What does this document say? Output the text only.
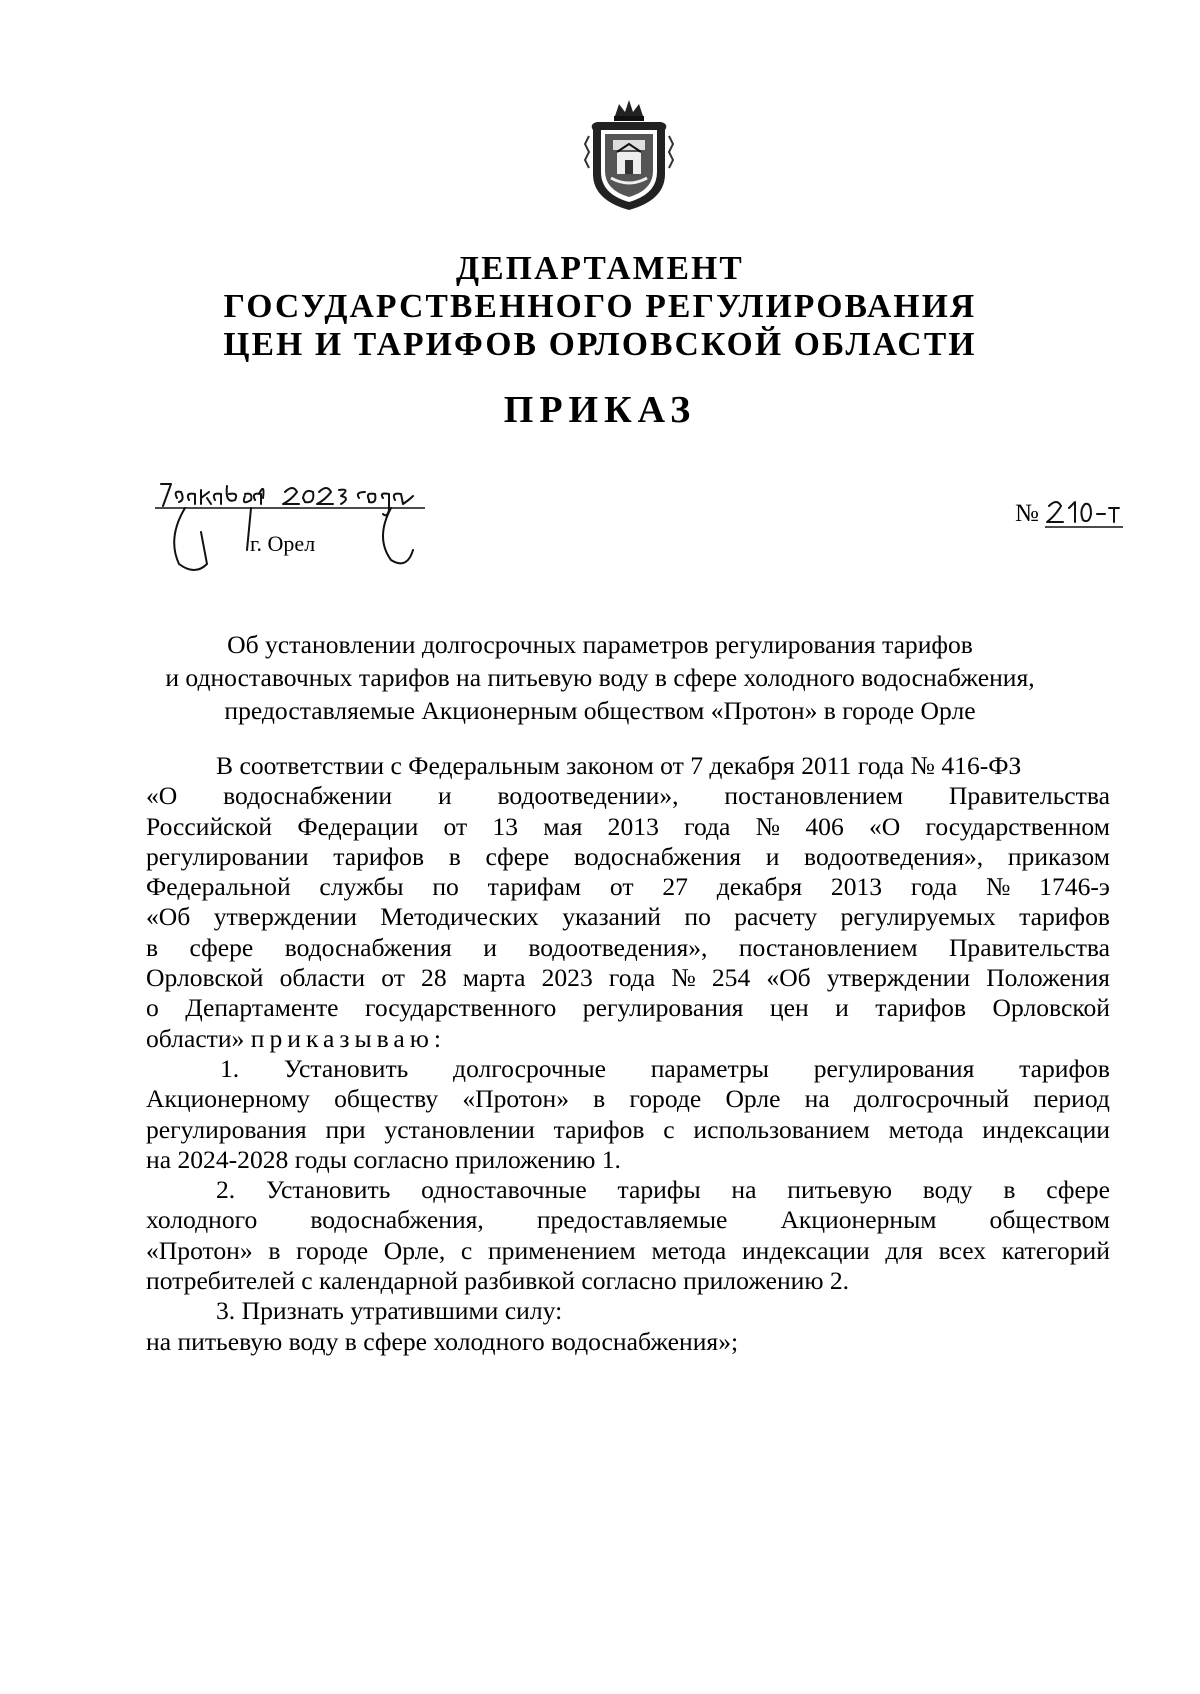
ДЕПАРТАМЕНТ
ГОСУДАРСТВЕННОГО РЕГУЛИРОВАНИЯ
ЦЕН И ТАРИФОВ ОРЛОВСКОЙ ОБЛАСТИ
ПРИКАЗ
г. Орел
№
Об установлении долгосрочных параметров регулирования тарифов
и одноставочных тарифов на питьевую воду в сфере холодного водоснабжения,
предоставляемые Акционерным обществом «Протон» в городе Орле
В соответствии с Федеральным законом от 7 декабря 2011 года № 416-ФЗ
«О водоснабжении и водоотведении», постановлением Правительства
Российской Федерации от 13 мая 2013 года № 406 «О государственном
регулировании тарифов в сфере водоснабжения и водоотведения», приказом
Федеральной службы по тарифам от 27 декабря 2013 года № 1746-э
«Об утверждении Методических указаний по расчету регулируемых тарифов
в сфере водоснабжения и водоотведения», постановлением Правительства
Орловской области от 28 марта 2023 года № 254 «Об утверждении Положения
о Департаменте государственного регулирования цен и тарифов Орловской
области»
приказываю:
1. Установить долгосрочные параметры регулирования тарифов
Акционерному обществу «Протон» в городе Орле на долгосрочный период
регулирования при установлении тарифов с использованием метода индексации
на 2024-2028 годы согласно приложению 1.
2. Установить одноставочные тарифы на питьевую воду в сфере
холодного водоснабжения, предоставляемые Акционерным обществом
«Протон» в городе Орле, с применением метода индексации для всех категорий
потребителей с календарной разбивкой согласно приложению 2.
3. Признать утратившими силу:
на питьевую воду в сфере холодного водоснабжения»;
